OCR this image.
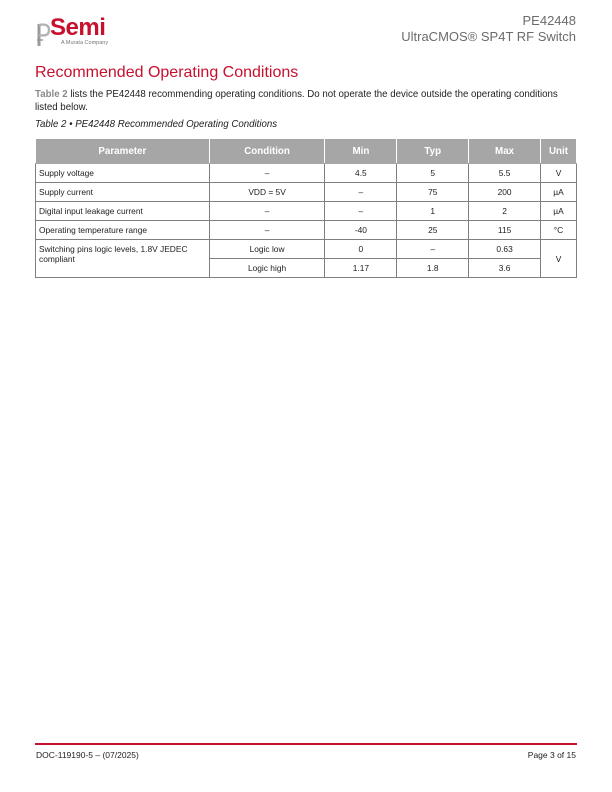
Semi
A Murata Company
PE42448
UltraCMOS® SP4T RF Switch
Recommended Operating Conditions
Table 2 lists the PE42448 recommending operating conditions. Do not operate the device outside the operating conditions listed below.
Table 2 • PE42448 Recommended Operating Conditions
Parameter	Condition	Min	Typ	Max	Unit
Supply voltage	–	4.5	5	5.5	V
Supply current	VDD = 5V	–	75	200	µA
Digital input leakage current	–	–	1	2	µA
Operating temperature range	–	-40	25	115	°C
Switching pins logic levels, 1.8V JEDEC compliant	Logic low	0	–	0.63	V
	Logic high	1.17	1.8	3.6	
DOC-119190-5 – (07/2025)	Page 3 of 15
